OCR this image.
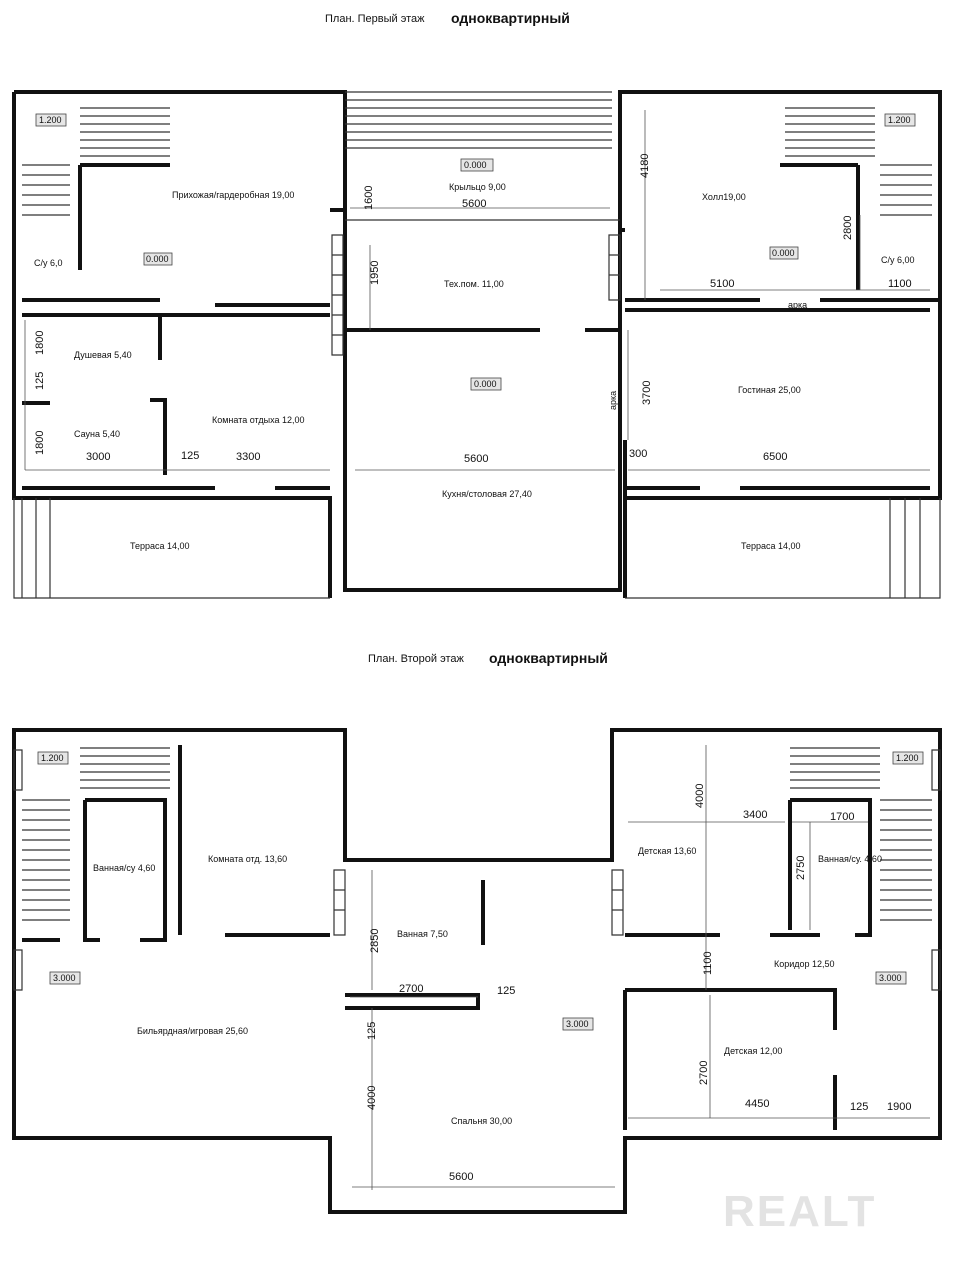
План. Первый этаж одноквартирный
План. Второй этаж одноквартирный
Прихожая/гардеробная 19,00
Крыльцо 9,00
Холл19,00
С/у 6,0	С/у 6,00
Тех.пом. 11,00
Душевая 5,40
Сауна 5,40
Комната отдыха 12,00
Гостиная 25,00
Кухня/столовая 27,40
Терраса 14,00	Терраса 14,00
арка
арка
1.200
0.000
0.000
0.000
0.000
1.200
1600	5600
4180
2800
5100	1100
1950
1800
125
1800
3000	125	3300	5600	300	6500
3700
Ванная/су 4,60
Комната отд. 13,60
Ванная 7,50
Детская 13,60
Ванная/су. 4,60
Коридор 12,50
Бильярдная/игровая 25,60
Спальня 30,00
Детская 12,00
1.200	1.200
3.000
3.000
3.000
4000
3400	1700
2750
2850
2700	125
1100
125
4000
2700
4450	125 1900
5600
REALT
